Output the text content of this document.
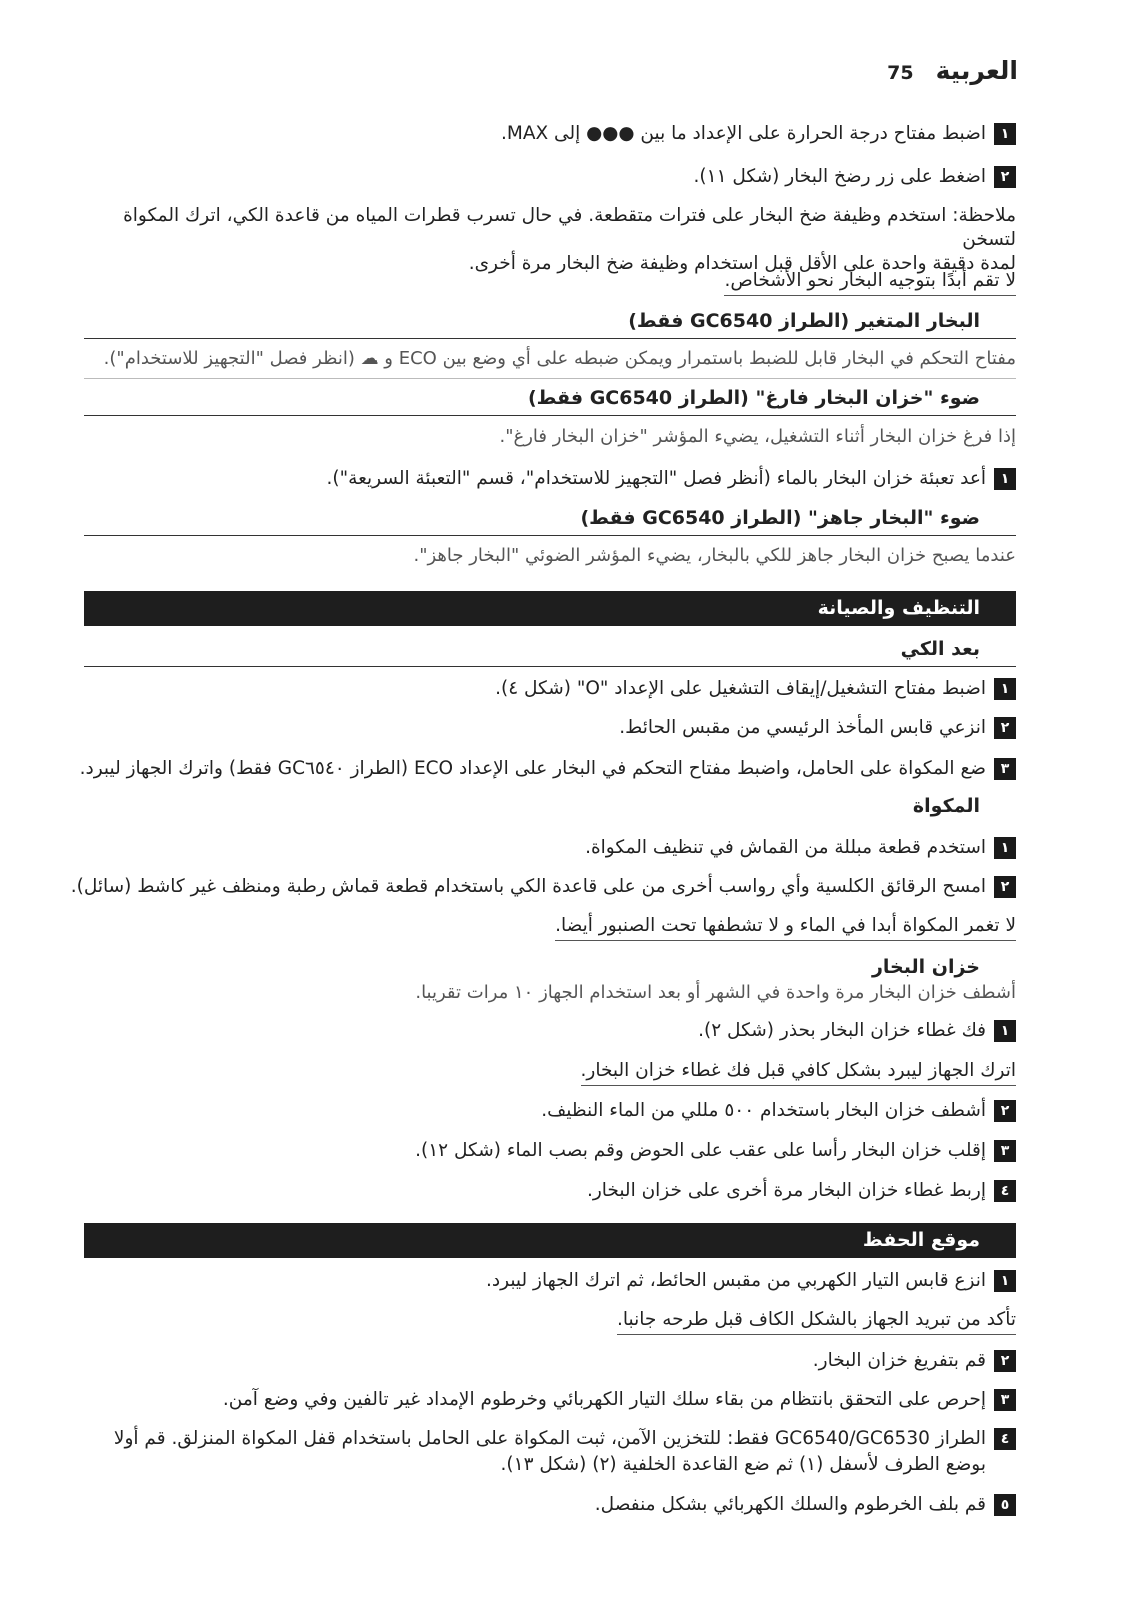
العربية
75
١
اضبط مفتاح درجة الحرارة على الإعداد ما بين ●●● إلى MAX.
٢
اضغط على زر رضخ البخار (شكل ١١).
ملاحظة: استخدم وظيفة ضخ البخار على فترات متقطعة. في حال تسرب قطرات المياه من قاعدة الكي، اترك المكواة لتسخن
لمدة دقيقة واحدة على الأقل قبل استخدام وظيفة ضخ البخار مرة أخرى.
لا تقم أبدًا بتوجيه البخار نحو الأشخاص.
البخار المتغير (الطراز GC6540 فقط)
مفتاح التحكم في البخار قابل للضبط باستمرار ويمكن ضبطه على أي وضع بين ECO و ☁ (انظر فصل "التجهيز للاستخدام").
ضوء "خزان البخار فارغ" (الطراز GC6540 فقط)
إذا فرغ خزان البخار أثناء التشغيل، يضيء المؤشر "خزان البخار فارغ".
١
أعد تعبئة خزان البخار بالماء (أنظر فصل "التجهيز للاستخدام"، قسم "التعبئة السريعة").
ضوء "البخار جاهز" (الطراز GC6540 فقط)
عندما يصبح خزان البخار جاهز للكي بالبخار، يضيء المؤشر الضوئي "البخار جاهز".
التنظيف والصيانة
بعد الكي
١
اضبط مفتاح التشغيل/إيقاف التشغيل على الإعداد "O" (شكل ٤).
٢
انزعي قابس المأخذ الرئيسي من مقبس الحائط.
٣
ضع المكواة على الحامل، واضبط مفتاح التحكم في البخار على الإعداد ECO (الطراز GC٦٥٤٠ فقط) واترك الجهاز ليبرد.
المكواة
١
استخدم قطعة مبللة من القماش في تنظيف المكواة.
٢
امسح الرقائق الكلسية وأي رواسب أخرى من على قاعدة الكي باستخدام قطعة قماش رطبة ومنظف غير كاشط (سائل).
لا تغمر المكواة أبدا في الماء و لا تشطفها تحت الصنبور أيضا.
خزان البخار
أشطف خزان البخار مرة واحدة في الشهر أو بعد استخدام الجهاز ١٠ مرات تقريبا.
١
فك غطاء خزان البخار بحذر (شكل ٢).
اترك الجهاز ليبرد بشكل كافي قبل فك غطاء خزان البخار.
٢
أشطف خزان البخار باستخدام ٥٠٠ مللي من الماء النظيف.
٣
إقلب خزان البخار رأسا على عقب على الحوض وقم بصب الماء (شكل ١٢).
٤
إربط غطاء خزان البخار مرة أخرى على خزان البخار.
موقع الحفظ
١
انزع قابس التيار الكهربي من مقبس الحائط، ثم اترك الجهاز ليبرد.
تأكد من تبريد الجهاز بالشكل الكاف قبل طرحه جانبا.
٢
قم بتفريغ خزان البخار.
٣
إحرص على التحقق بانتظام من بقاء سلك التيار الكهربائي وخرطوم الإمداد غير تالفين وفي وضع آمن.
٤
الطراز GC6540/GC6530 فقط: للتخزين الآمن، ثبت المكواة على الحامل باستخدام قفل المكواة المنزلق. قم أولا
بوضع الطرف لأسفل (١) ثم ضع القاعدة الخلفية (٢) (شكل ١٣).
٥
قم بلف الخرطوم والسلك الكهربائي بشكل منفصل.
